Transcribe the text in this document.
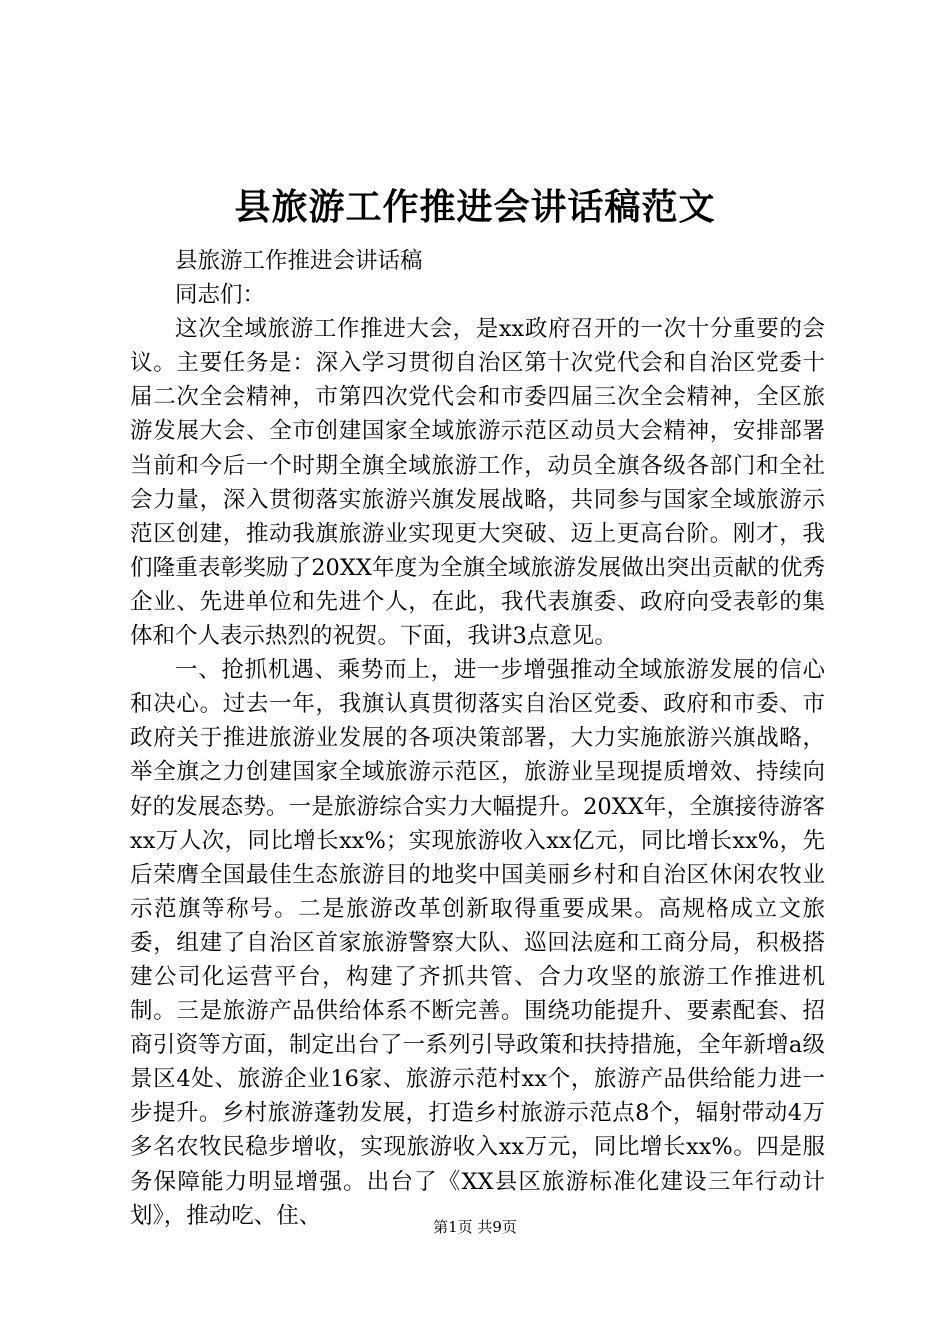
县旅游工作推进会讲话稿范文

县旅游工作推进会讲话稿

同志们：

这次全域旅游工作推进大会，是xx政府召开的一次十分重要的会议。主要任务是：深入学习贯彻自治区第十次党代会和自治区党委十届二次全会精神，市第四次党代会和市委四届三次全会精神，全区旅游发展大会、全市创建国家全域旅游示范区动员大会精神，安排部署当前和今后一个时期全旗全域旅游工作，动员全旗各级各部门和全社会力量，深入贯彻落实旅游兴旗发展战略，共同参与国家全域旅游示范区创建，推动我旗旅游业实现更大突破、迈上更高台阶。刚才，我们隆重表彰奖励了20XX年度为全旗全域旅游发展做出突出贡献的优秀企业、先进单位和先进个人，在此，我代表旗委、政府向受表彰的集体和个人表示热烈的祝贺。下面，我讲3点意见。

一、抢抓机遇、乘势而上，进一步增强推动全域旅游发展的信心和决心。过去一年，我旗认真贯彻落实自治区党委、政府和市委、市政府关于推进旅游业发展的各项决策部署，大力实施旅游兴旗战略，举全旗之力创建国家全域旅游示范区，旅游业呈现提质增效、持续向好的发展态势。一是旅游综合实力大幅提升。20XX年，全旗接待游客xx万人次，同比增长xx%；实现旅游收入xx亿元，同比增长xx%，先后荣膺全国最佳生态旅游目的地奖中国美丽乡村和自治区休闲农牧业示范旗等称号。二是旅游改革创新取得重要成果。高规格成立文旅委，组建了自治区首家旅游警察大队、巡回法庭和工商分局，积极搭建公司化运营平台，构建了齐抓共管、合力攻坚的旅游工作推进机制。三是旅游产品供给体系不断完善。围绕功能提升、要素配套、招商引资等方面，制定出台了一系列引导政策和扶持措施，全年新增a级景区4处、旅游企业16家、旅游示范村xx个，旅游产品供给能力进一步提升。乡村旅游蓬勃发展，打造乡村旅游示范点8个，辐射带动4万多名农牧民稳步增收，实现旅游收入xx万元，同比增长xx%。四是服务保障能力明显增强。出台了《XX县区旅游标准化建设三年行动计划》，推动吃、住、	第1页 共9页
